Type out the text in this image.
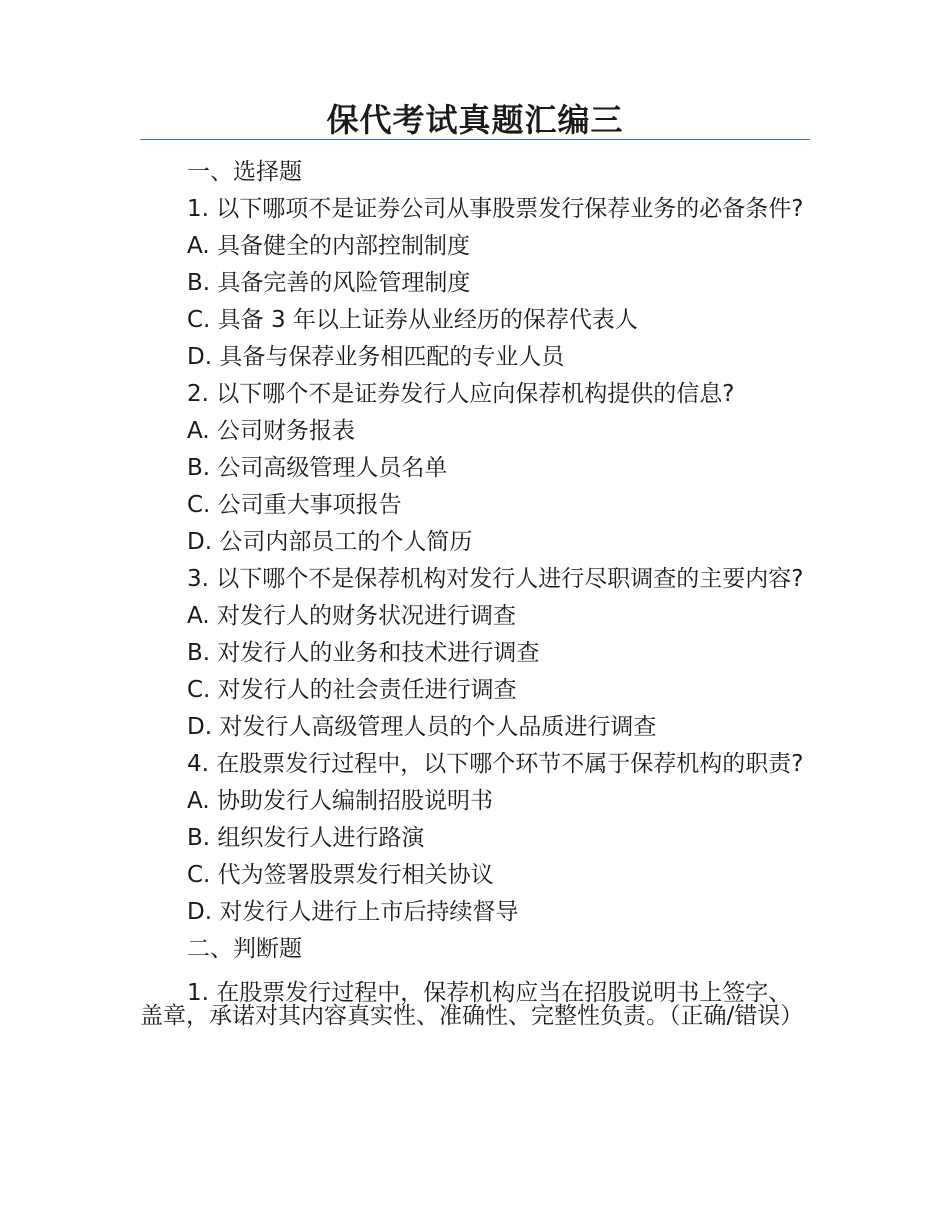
保代考试真题汇编三

一、选择题

1. 以下哪项不是证券公司从事股票发行保荐业务的必备条件?

A. 具备健全的内部控制制度

B. 具备完善的风险管理制度

C. 具备 3 年以上证券从业经历的保荐代表人

D. 具备与保荐业务相匹配的专业人员

2. 以下哪个不是证券发行人应向保荐机构提供的信息?

A. 公司财务报表

B. 公司高级管理人员名单

C. 公司重大事项报告

D. 公司内部员工的个人简历

3. 以下哪个不是保荐机构对发行人进行尽职调查的主要内容?

A. 对发行人的财务状况进行调查

B. 对发行人的业务和技术进行调查

C. 对发行人的社会责任进行调查

D. 对发行人高级管理人员的个人品质进行调查

4. 在股票发行过程中，以下哪个环节不属于保荐机构的职责?

A. 协助发行人编制招股说明书

B. 组织发行人进行路演

C. 代为签署股票发行相关协议

D. 对发行人进行上市后持续督导

二、判断题

1. 在股票发行过程中，保荐机构应当在招股说明书上签字、盖章，承诺对其内容真实性、准确性、完整性负责。（正确/错误）
